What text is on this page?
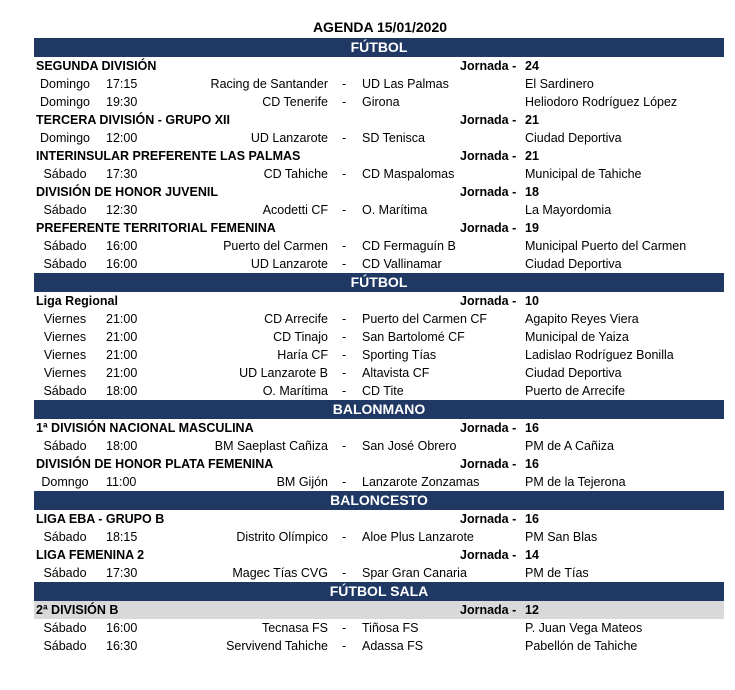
AGENDA 15/01/2020
FÚTBOL
SEGUNDA DIVISIÓN	Jornada - 24
Domingo	17:15	Racing de Santander - UD Las Palmas	El Sardinero
Domingo	19:30	CD Tenerife - Girona	Heliodoro Rodríguez López
TERCERA DIVISIÓN - GRUPO XII	Jornada - 21
Domingo	12:00	UD Lanzarote - SD Tenisca	Ciudad Deportiva
INTERINSULAR PREFERENTE LAS PALMAS	Jornada - 21
Sábado	17:30	CD Tahiche - CD Maspalomas	Municipal de Tahiche
DIVISIÓN DE HONOR JUVENIL	Jornada - 18
Sábado	12:30	Acodetti CF - O. Marítima	La Mayordomia
PREFERENTE TERRITORIAL FEMENINA	Jornada - 19
Sábado	16:00	Puerto del Carmen - CD Fermaguín B	Municipal Puerto del Carmen
Sábado	16:00	UD Lanzarote - CD Vallinamar	Ciudad Deportiva
FÚTBOL
Liga Regional	Jornada - 10
Viernes	21:00	CD Arrecife - Puerto del Carmen CF	Agapito Reyes Viera
Viernes	21:00	CD Tinajo - San Bartolomé CF	Municipal de Yaiza
Viernes	21:00	Haría CF - Sporting Tías	Ladislao Rodríguez Bonilla
Viernes	21:00	UD Lanzarote B - Altavista CF	Ciudad Deportiva
Sábado	18:00	O. Marítima - CD Tite	Puerto de Arrecife
BALONMANO
1ª DIVISIÓN NACIONAL MASCULINA	Jornada - 16
Sábado	18:00	BM Saeplast Cañiza - San José Obrero	PM de A Cañiza
DIVISIÓN DE HONOR PLATA FEMENINA	Jornada - 16
Domngo	11:00	BM Gijón - Lanzarote Zonzamas	PM de la Tejerona
BALONCESTO
LIGA EBA - GRUPO B	Jornada - 16
Sábado	18:15	Distrito Olímpico - Aloe Plus Lanzarote	PM San Blas
LIGA FEMENINA 2	Jornada - 14
Sábado	17:30	Magec Tías CVG - Spar Gran Canaria	PM de Tías
FÚTBOL SALA
2ª DIVISIÓN B	Jornada - 12
Sábado	16:00	Tecnasa FS - Tiñosa FS	P. Juan Vega Mateos
Sábado	16:30	Servivend Tahiche - Adassa FS	Pabellón de Tahiche
